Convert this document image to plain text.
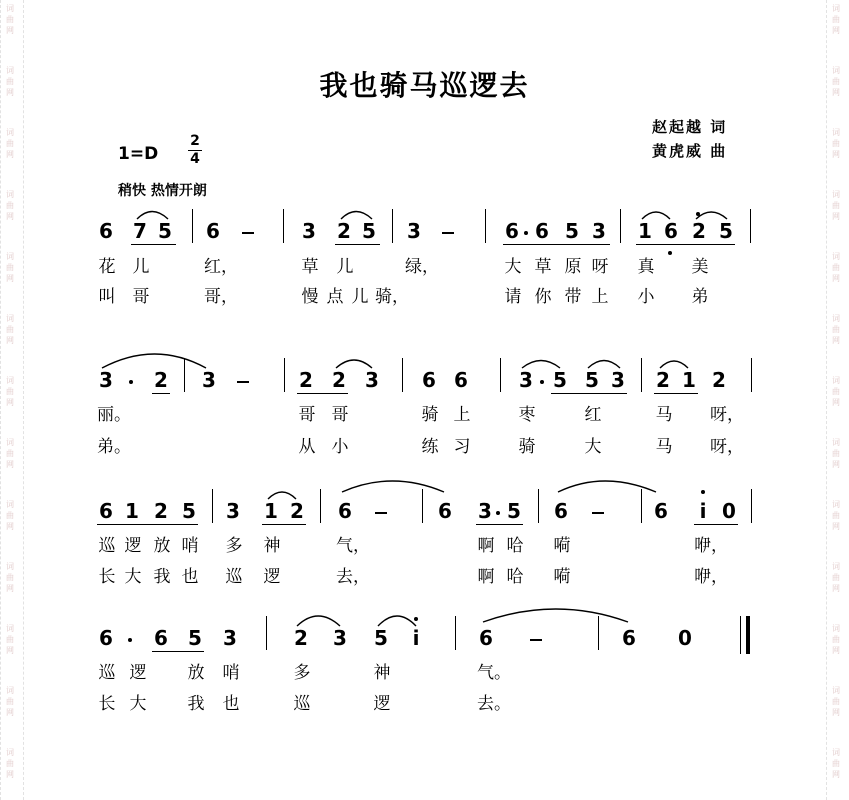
词
曲
网
词
曲
网
词
曲
网
词
曲
网
词
曲
网
词
曲
网
词
曲
网
词
曲
网
词
曲
网
词
曲
网
词
曲
网
词
曲
网
词
曲
网
词
曲
网
词
曲
网
词
曲
网
词
曲
网
词
曲
网
词
曲
网
词
曲
网
词
曲
网
词
曲
网
词
曲
网
词
曲
网
词
曲
网
词
曲
网
我也骑马巡逻去
赵起越 词
黄虎威 曲
1=D
2
4
稍快 热情开朗
6 7 5 6	3 2 5 3	6 6 5 3 1 6 2 5
花 儿	红，	草 儿	绿，	大 草 原 呀 真 美
叫 哥	哥，	慢 点 儿 骑，	请 你 带 上 小 弟
3 2 3	2 2 3 6 6	3 5 5 3 2 1 2
丽。	哥 哥	骑 上	枣	红	马 呀，
弟。	从 小	练 习	骑	大	马 呀，
6 1 2 5 3 1 2 6	6 3 5 6	6 i 0
巡 逻 放 哨 多 神	气，	啊 哈 嗬	咿，
长 大 我 也 巡 逻	去，	啊 哈 嗬	咿，
6 6 5 3	2 3 5 i	6	6 0
巡 逻 放 哨	多	神	气。
长 大 我 也	巡	逻	去。
